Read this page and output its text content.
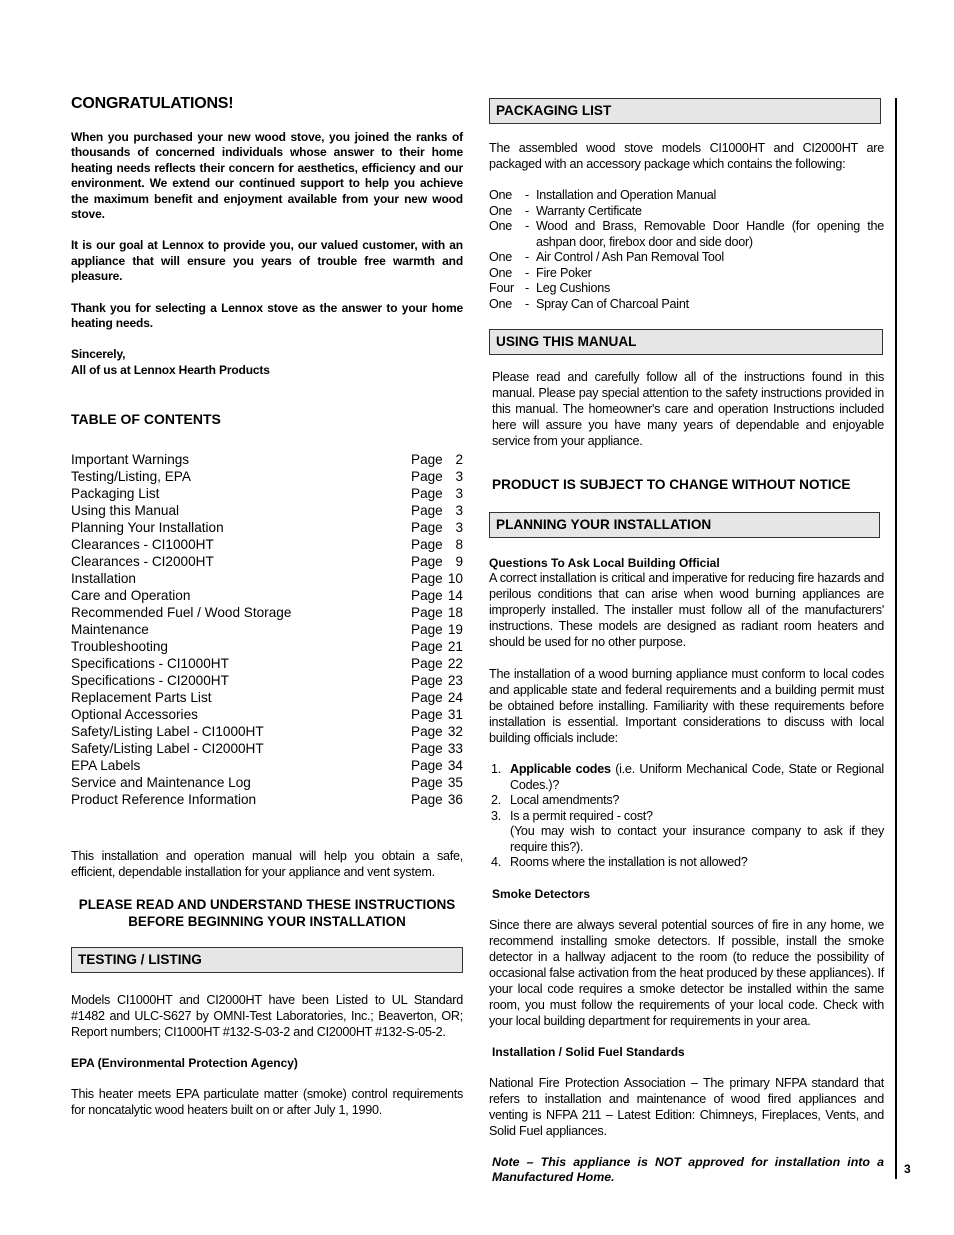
CONGRATULATIONS!

When you purchased your new wood stove, you joined the ranks of thousands of concerned individuals whose answer to their home heating needs reflects their concern for aesthetics, efficiency and our environment. We extend our continued support to help you achieve the maximum benefit and enjoyment available from your new wood stove.

It is our goal at Lennox to provide you, our valued customer, with an appliance that will ensure you years of trouble free warmth and pleasure.

Thank you for selecting a Lennox stove as the answer to your home heating needs.

Sincerely,

All of us at Lennox Hearth Products

TABLE OF CONTENTS

Important Warnings	Page 2
Testing/Listing, EPA	Page 3
Packaging List	Page 3
Using this Manual	Page 3
Planning Your Installation	Page 3
Clearances - CI1000HT	Page 8
Clearances - CI2000HT	Page 9
Installation	Page 10
Care and Operation	Page 14
Recommended Fuel / Wood Storage	Page 18
Maintenance	Page 19
Troubleshooting	Page 21
Specifications - CI1000HT	Page 22
Specifications - CI2000HT	Page 23
Replacement Parts List	Page 24
Optional Accessories	Page 31
Safety/Listing Label - CI1000HT	Page 32
Safety/Listing Label - CI2000HT	Page 33
EPA Labels	Page 34
Service and Maintenance Log	Page 35
Product Reference Information	Page 36

This installation and operation manual will help you obtain a safe, efficient, dependable installation for your appliance and vent system.

PLEASE READ AND UNDERSTAND THESE INSTRUCTIONS

BEFORE BEGINNING YOUR INSTALLATION

TESTING / LISTING

Models CI1000HT and CI2000HT have been Listed to UL Standard #1482 and ULC-S627 by OMNI-Test Laboratories, Inc.; Beaverton, OR; Report numbers; CI1000HT #132-S-03-2 and CI2000HT #132-S-05-2.

EPA (Environmental Protection Agency)

This heater meets EPA particulate matter (smoke) control requirements for noncatalytic wood heaters built on or after July 1, 1990.

PACKAGING LIST

The assembled wood stove models CI1000HT and CI2000HT are packaged with an accessory package which contains the following:

One	- Installation and Operation Manual
One	- Warranty Certificate
One	- Wood and Brass, Removable Door Handle (for opening the ashpan door, firebox door and side door)
One	- Air Control / Ash Pan Removal Tool
One	- Fire Poker
Four - Leg Cushions
One	- Spray Can of Charcoal Paint
USING THIS MANUAL

Please read and carefully follow all of the instructions found in this manual. Please pay special attention to the safety instructions provided in this manual. The homeowner's care and operation Instructions included here will assure you have many years of dependable and enjoyable service from your appliance.

PRODUCT IS SUBJECT TO CHANGE WITHOUT NOTICE

PLANNING YOUR INSTALLATION

Questions To Ask Local Building Official

A correct installation is critical and imperative for reducing fire hazards and perilous conditions that can arise when wood burning appliances are improperly installed. The installer must follow all of the manufacturers' instructions. These models are designed as radiant room heaters and should be used for no other purpose.

The installation of a wood burning appliance must conform to local codes and applicable state and federal requirements and a building permit must be obtained before installing. Familiarity with these requirements before installation is essential. Important considerations to discuss with local building officials include:

1. Applicable codes (i.e. Uniform Mechanical Code, State or Regional Codes.)?
2. Local amendments?
3. Is a permit required - cost?
(You may wish to contact your insurance company to ask if they require this?).
4. Rooms where the installation is not allowed?

Smoke Detectors

Since there are always several potential sources of fire in any home, we recommend installing smoke detectors. If possible, install the smoke detector in a hallway adjacent to the room (to reduce the possibility of occasional false activation from the heat produced by these appliances). If your local code requires a smoke detector be installed within the same room, you must follow the requirements of your local code. Check with your local building department for requirements in your area.

Installation / Solid Fuel Standards

National Fire Protection Association – The primary NFPA standard that refers to installation and maintenance of wood fired appliances and venting is NFPA 211 – Latest Edition: Chimneys, Fireplaces, Vents, and Solid Fuel appliances.

Note – This appliance is NOT approved for installation into a Manufactured Home.

3
